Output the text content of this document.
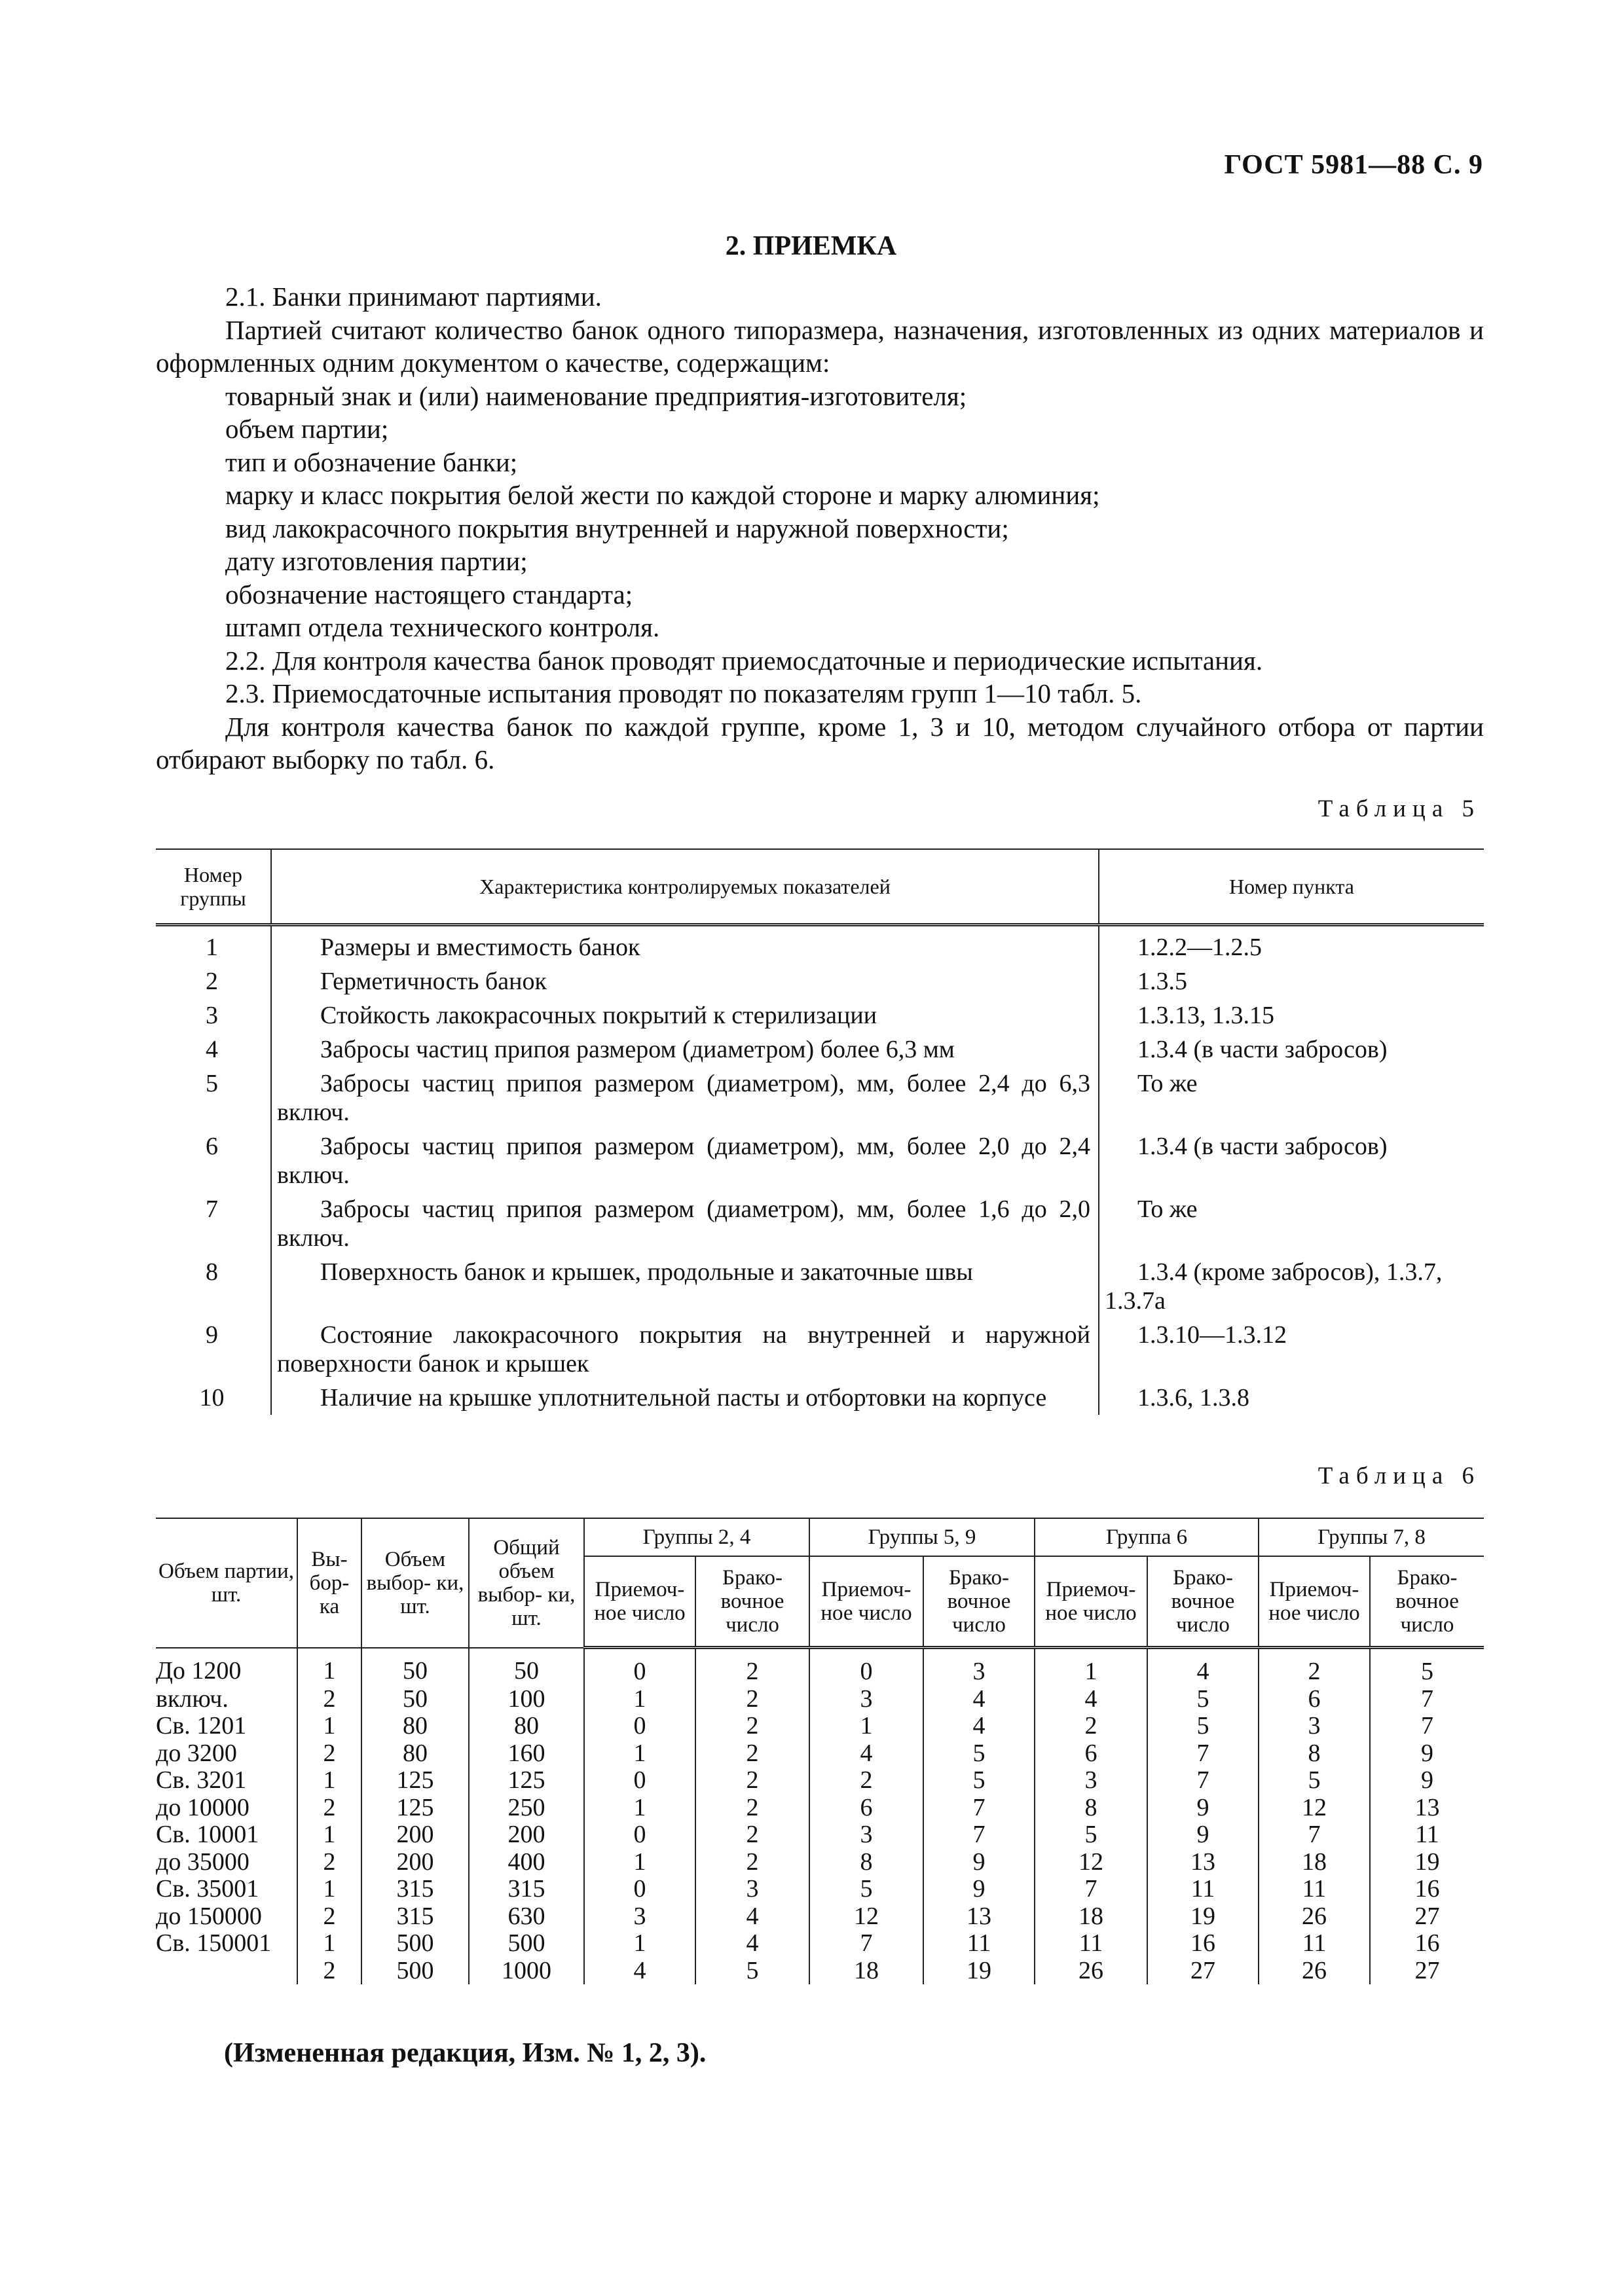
ГОСТ 5981—88 С. 9
2. ПРИЕМКА

2.1. Банки принимают партиями.

Партией считают количество банок одного типоразмера, назначения, изготовленных из одних материалов и оформленных одним документом о качестве, содержащим:

товарный знак и (или) наименование предприятия-изготовителя;

объем партии;

тип и обозначение банки;

марку и класс покрытия белой жести по каждой стороне и марку алюминия;

вид лакокрасочного покрытия внутренней и наружной поверхности;

дату изготовления партии;

обозначение настоящего стандарта;

штамп отдела технического контроля.

2.2. Для контроля качества банок проводят приемосдаточные и периодические испытания.

2.3. Приемосдаточные испытания проводят по показателям групп 1—10 табл. 5.

Для контроля качества банок по каждой группе, кроме 1, 3 и 10, методом случайного отбора от партии отбирают выборку по табл. 6.

Таблица 5
Номер группы	Характеристика контролируемых показателей	Номер пункта
1	Размеры и вместимость банок	1.2.2—1.2.5
2	Герметичность банок	1.3.5
3	Стойкость лакокрасочных покрытий к стерилизации	1.3.13, 1.3.15
4	Забросы частиц припоя размером (диаметром) более 6,3 мм	1.3.4 (в части забросов)
5	Забросы частиц припоя размером (диаметром), мм, более 2,4 до 6,3 включ.	То же
6	Забросы частиц припоя размером (диаметром), мм, более 2,0 до 2,4 включ.	1.3.4 (в части забросов)
7	Забросы частиц припоя размером (диаметром), мм, более 1,6 до 2,0 включ.	То же
8	Поверхность банок и крышек, продольные и закаточные швы	1.3.4 (кроме забросов), 1.3.7, 1.3.7а
9	Состояние лакокрасочного покрытия на внутренней и наружной поверхности банок и крышек	1.3.10—1.3.12
10	Наличие на крышке уплотнительной пасты и отбортовки на корпусе	1.3.6, 1.3.8
Таблица 6
Объем партии, шт.	Вы- бор- ка	Объем выбор- ки, шт.	Общий объем выбор- ки, шт.	Группы 2, 4		Группы 5, 9		Группа 6		Группы 7, 8	
				Приемоч- ное число	Брако- вочное число	Приемоч- ное число	Брако- вочное число	Приемоч- ное число	Брако- вочное число	Приемоч- ное число	Брако- вочное число
До 1200	1	50	50	0	2	0	3	1	4	2	5
включ.	2	50	100	1	2	3	4	4	5	6	7
Св. 1201	1	80	80	0	2	1	4	2	5	3	7
до 3200	2	80	160	1	2	4	5	6	7	8	9
Св. 3201	1	125	125	0	2	2	5	3	7	5	9
до 10000	2	125	250	1	2	6	7	8	9	12	13
Св. 10001	1	200	200	0	2	3	7	5	9	7	11
до 35000	2	200	400	1	2	8	9	12	13	18	19
Св. 35001	1	315	315	0	3	5	9	7	11	11	16
до 150000	2	315	630	3	4	12	13	18	19	26	27
Св. 150001	1	500	500	1	4	7	11	11	16	11	16
	2	500	1000	4	5	18	19	26	27	26	27
(Измененная редакция, Изм. № 1, 2, 3).
